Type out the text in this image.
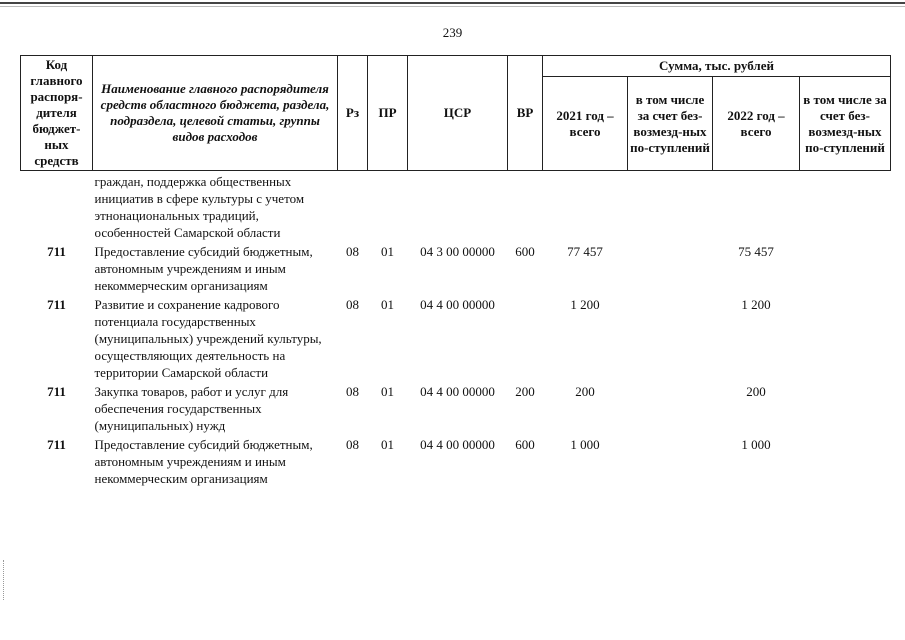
239
Код главного распоря-дителя бюджет-ных средств	Наименование главного распорядителя средств областного бюджета, раздела, подраздела, целевой статьи, группы видов расходов	Рз	ПР	ЦСР	ВР	Сумма, тыс. рублей			
						2021 год – всего	в том числе за счет без-возмезд-ных по-ступлений	2022 год – всего	в том числе за счет без-возмезд-ных по-ступлений
	граждан, поддержка общественных инициатив в сфере культуры с учетом этнонациональных традиций, особенностей Самарской области								
711	Предоставление субсидий бюджетным, автономным учреждениям и иным некоммерческим организациям	08	01	04 3 00 00000	600	77 457		75 457	
711	Развитие и сохранение кадрового потенциала государственных (муниципальных) учреждений культуры, осуществляющих деятельность на территории Самарской области	08	01	04 4 00 00000		1 200		1 200	
711	Закупка товаров, работ и услуг для обеспечения государственных (муниципальных) нужд	08	01	04 4 00 00000	200	200		200	
711	Предоставление субсидий бюджетным, автономным учреждениям и иным некоммерческим организациям	08	01	04 4 00 00000	600	1 000		1 000	
